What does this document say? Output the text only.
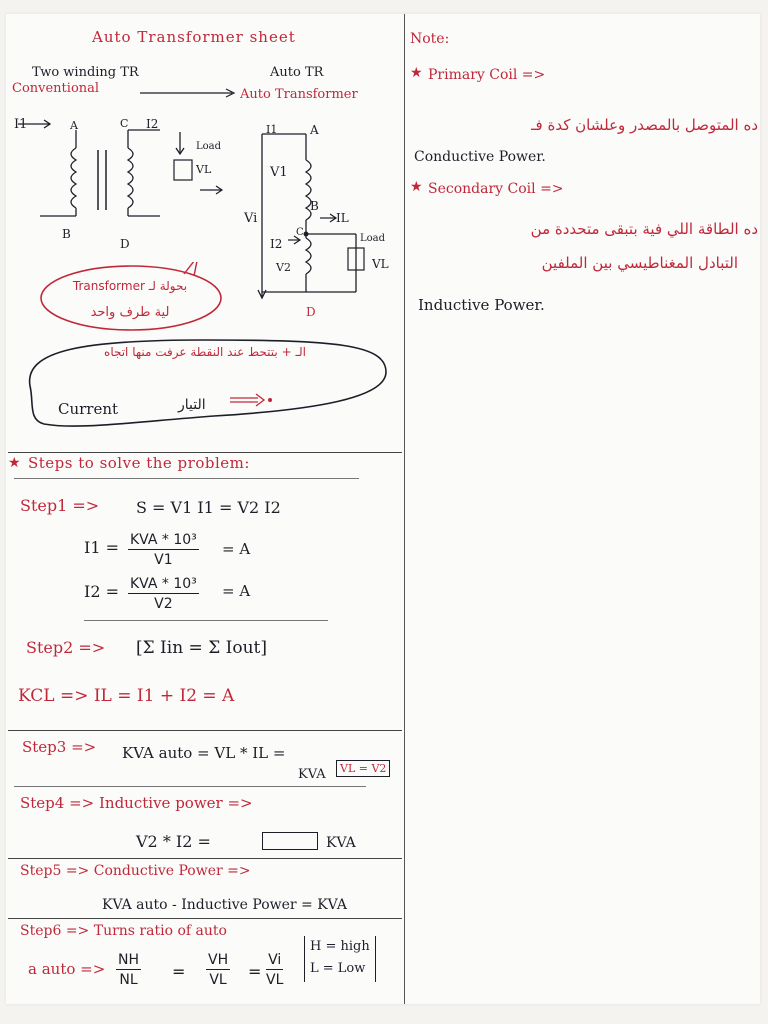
Auto Transformer sheet
Two winding TR	Auto TR
Conventional	Auto Transformer
I1	A	C I2
B
D
Load
VL
I1	A
V1
Vi
B
C
IL
I2
V2
Load
VL
D
بحولة لـ Transformer
لية طرف واحد
الـ + بتتحط عند النقطة عرفت منها اتجاه
Current	التيار
★ Steps to solve the problem:
Step1 => S = V1 I1 = V2 I2
I1 = KVA * 10³
V1
= A
I2 = KVA * 10³
V2
= A
Step2 => [Σ Iin = Σ Iout]
KCL => IL = I1 + I2 = A
Step3 => KVA auto = VL * IL =
KVA	VL = V2
Step4 => Inductive power =>
V2 * I2 =	KVA
Step5 => Conductive Power =>
KVA auto - Inductive Power = KVA
Step6 => Turns ratio of auto
a auto => $\frac{NH}{NL} = \frac{VH}{VL} = \frac{Vi}{VL}$
H = high
L = Low
Note:
★ Primary Coil =>
ده المتوصل بالمصدر وعلشان كدة فـ
Conductive Power.
★ Secondary Coil =>
ده الطاقة اللي فية بتبقى متحددة من
التبادل المغناطيسي بين الملفين
Inductive Power.
